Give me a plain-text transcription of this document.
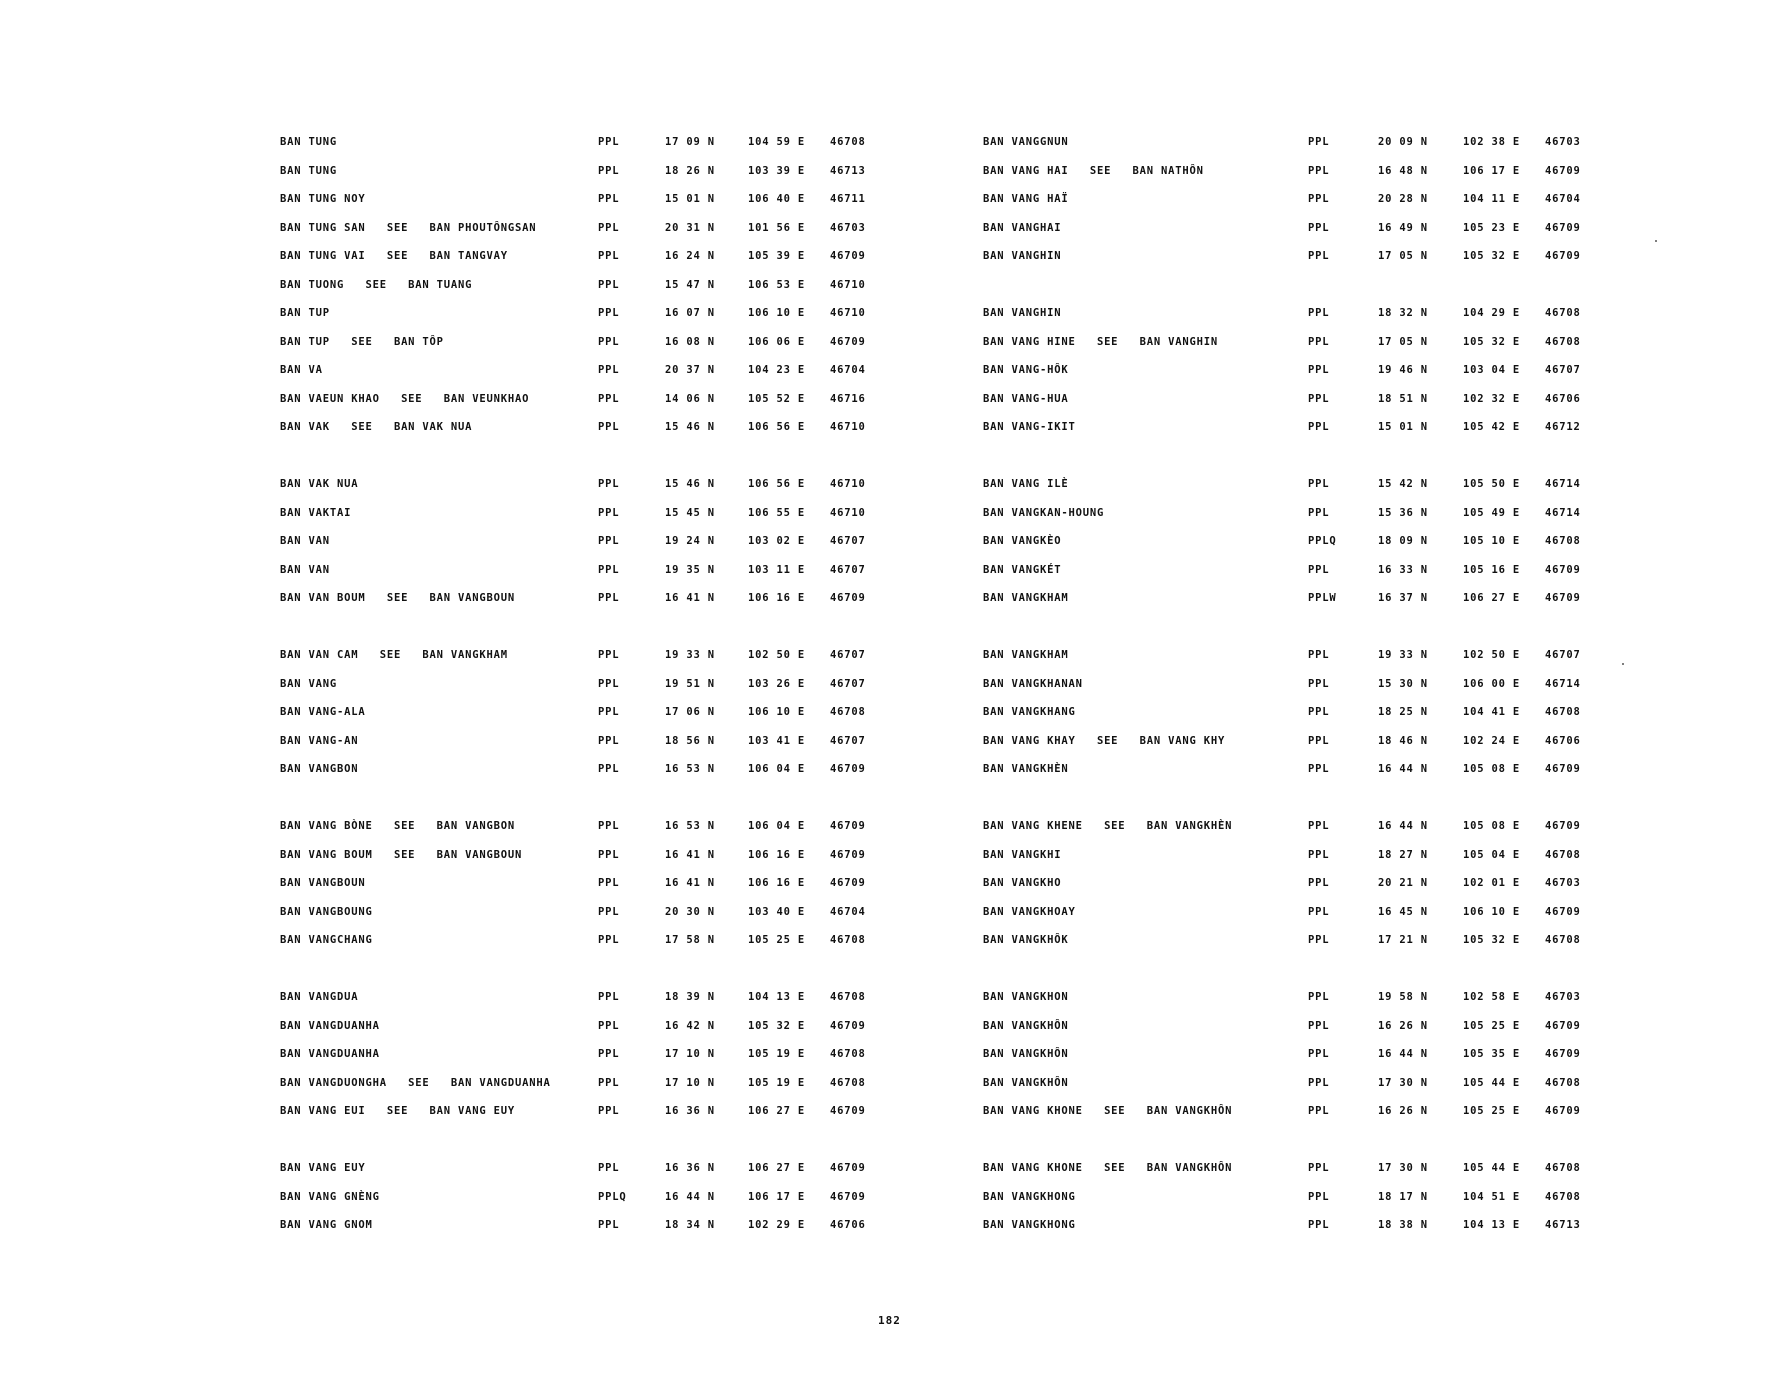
BAN TUNG	PPL	17 09 N	104 59 E 46708
BAN TUNG	PPL	18 26 N	103 39 E 46713
BAN TUNG NOY	PPL	15 01 N	106 40 E 46711
BAN TUNG SAN   SEE   BAN PHOUTÔNGSAN	PPL	20 31 N	101 56 E 46703
BAN TUNG VAI   SEE   BAN TANGVAY	PPL	16 24 N	105 39 E 46709
BAN TUONG   SEE   BAN TUANG	PPL	15 47 N	106 53 E 46710
BAN TUP	PPL	16 07 N	106 10 E 46710
BAN TUP   SEE   BAN TÔP	PPL	16 08 N	106 06 E 46709
BAN VA	PPL	20 37 N	104 23 E 46704
BAN VAEUN KHAO   SEE   BAN VEUNKHAO	PPL	14 06 N	105 52 E 46716
BAN VAK   SEE   BAN VAK NUA	PPL	15 46 N	106 56 E 46710
BAN VAK NUA	PPL	15 46 N	106 56 E 46710
BAN VAKTAI	PPL	15 45 N	106 55 E 46710
BAN VAN	PPL	19 24 N	103 02 E 46707
BAN VAN	PPL	19 35 N	103 11 E 46707
BAN VAN BOUM   SEE   BAN VANGBOUN	PPL	16 41 N	106 16 E 46709
BAN VAN CAM   SEE   BAN VANGKHAM	PPL	19 33 N	102 50 E 46707
BAN VANG	PPL	19 51 N	103 26 E 46707
BAN VANG-ALA	PPL	17 06 N	106 10 E 46708
BAN VANG-AN	PPL	18 56 N	103 41 E 46707
BAN VANGBON	PPL	16 53 N	106 04 E 46709
BAN VANG BÒNE   SEE   BAN VANGBON	PPL	16 53 N	106 04 E 46709
BAN VANG BOUM   SEE   BAN VANGBOUN	PPL	16 41 N	106 16 E 46709
BAN VANGBOUN	PPL	16 41 N	106 16 E 46709
BAN VANGBOUNG	PPL	20 30 N	103 40 E 46704
BAN VANGCHANG	PPL	17 58 N	105 25 E 46708
BAN VANGDUA	PPL	18 39 N	104 13 E 46708
BAN VANGDUANHA	PPL	16 42 N	105 32 E 46709
BAN VANGDUANHA	PPL	17 10 N	105 19 E 46708
BAN VANGDUONGHA   SEE   BAN VANGDUANHA	PPL	17 10 N	105 19 E 46708
BAN VANG EUI   SEE   BAN VANG EUY	PPL	16 36 N	106 27 E 46709
BAN VANG EUY	PPL	16 36 N	106 27 E 46709
BAN VANG GNÈNG	PPLQ	16 44 N	106 17 E 46709
BAN VANG GNOM	PPL	18 34 N	102 29 E 46706
BAN VANGGNUN	PPL	20 09 N	102 38 E 46703
BAN VANG HAI   SEE   BAN NATHÔN	PPL	16 48 N	106 17 E 46709
BAN VANG HAÏ	PPL	20 28 N	104 11 E 46704
BAN VANGHAI	PPL	16 49 N	105 23 E 46709
BAN VANGHIN	PPL	17 05 N	105 32 E 46709
BAN VANGHIN	PPL	18 32 N	104 29 E 46708
BAN VANG HINE   SEE   BAN VANGHIN	PPL	17 05 N	105 32 E 46708
BAN VANG-HÔK	PPL	19 46 N	103 04 E 46707
BAN VANG-HUA	PPL	18 51 N	102 32 E 46706
BAN VANG-IKIT	PPL	15 01 N	105 42 E 46712
BAN VANG ILÈ	PPL	15 42 N	105 50 E 46714
BAN VANGKAN-HOUNG	PPL	15 36 N	105 49 E 46714
BAN VANGKÈO	PPLQ	18 09 N	105 10 E 46708
BAN VANGKÉT	PPL	16 33 N	105 16 E 46709
BAN VANGKHAM	PPLW	16 37 N	106 27 E 46709
BAN VANGKHAM	PPL	19 33 N	102 50 E 46707
BAN VANGKHANAN	PPL	15 30 N	106 00 E 46714
BAN VANGKHANG	PPL	18 25 N	104 41 E 46708
BAN VANG KHAY   SEE   BAN VANG KHY	PPL	18 46 N	102 24 E 46706
BAN VANGKHÈN	PPL	16 44 N	105 08 E 46709
BAN VANG KHENE   SEE   BAN VANGKHÈN	PPL	16 44 N	105 08 E 46709
BAN VANGKHI	PPL	18 27 N	105 04 E 46708
BAN VANGKHO	PPL	20 21 N	102 01 E 46703
BAN VANGKHOAY	PPL	16 45 N	106 10 E 46709
BAN VANGKHÔK	PPL	17 21 N	105 32 E 46708
BAN VANGKHON	PPL	19 58 N	102 58 E 46703
BAN VANGKHÔN	PPL	16 26 N	105 25 E 46709
BAN VANGKHÔN	PPL	16 44 N	105 35 E 46709
BAN VANGKHÔN	PPL	17 30 N	105 44 E 46708
BAN VANG KHONE   SEE   BAN VANGKHÔN	PPL	16 26 N	105 25 E 46709
BAN VANG KHONE   SEE   BAN VANGKHÔN	PPL	17 30 N	105 44 E 46708
BAN VANGKHONG	PPL	18 17 N	104 51 E 46708
BAN VANGKHONG	PPL	18 38 N	104 13 E 46713
182
